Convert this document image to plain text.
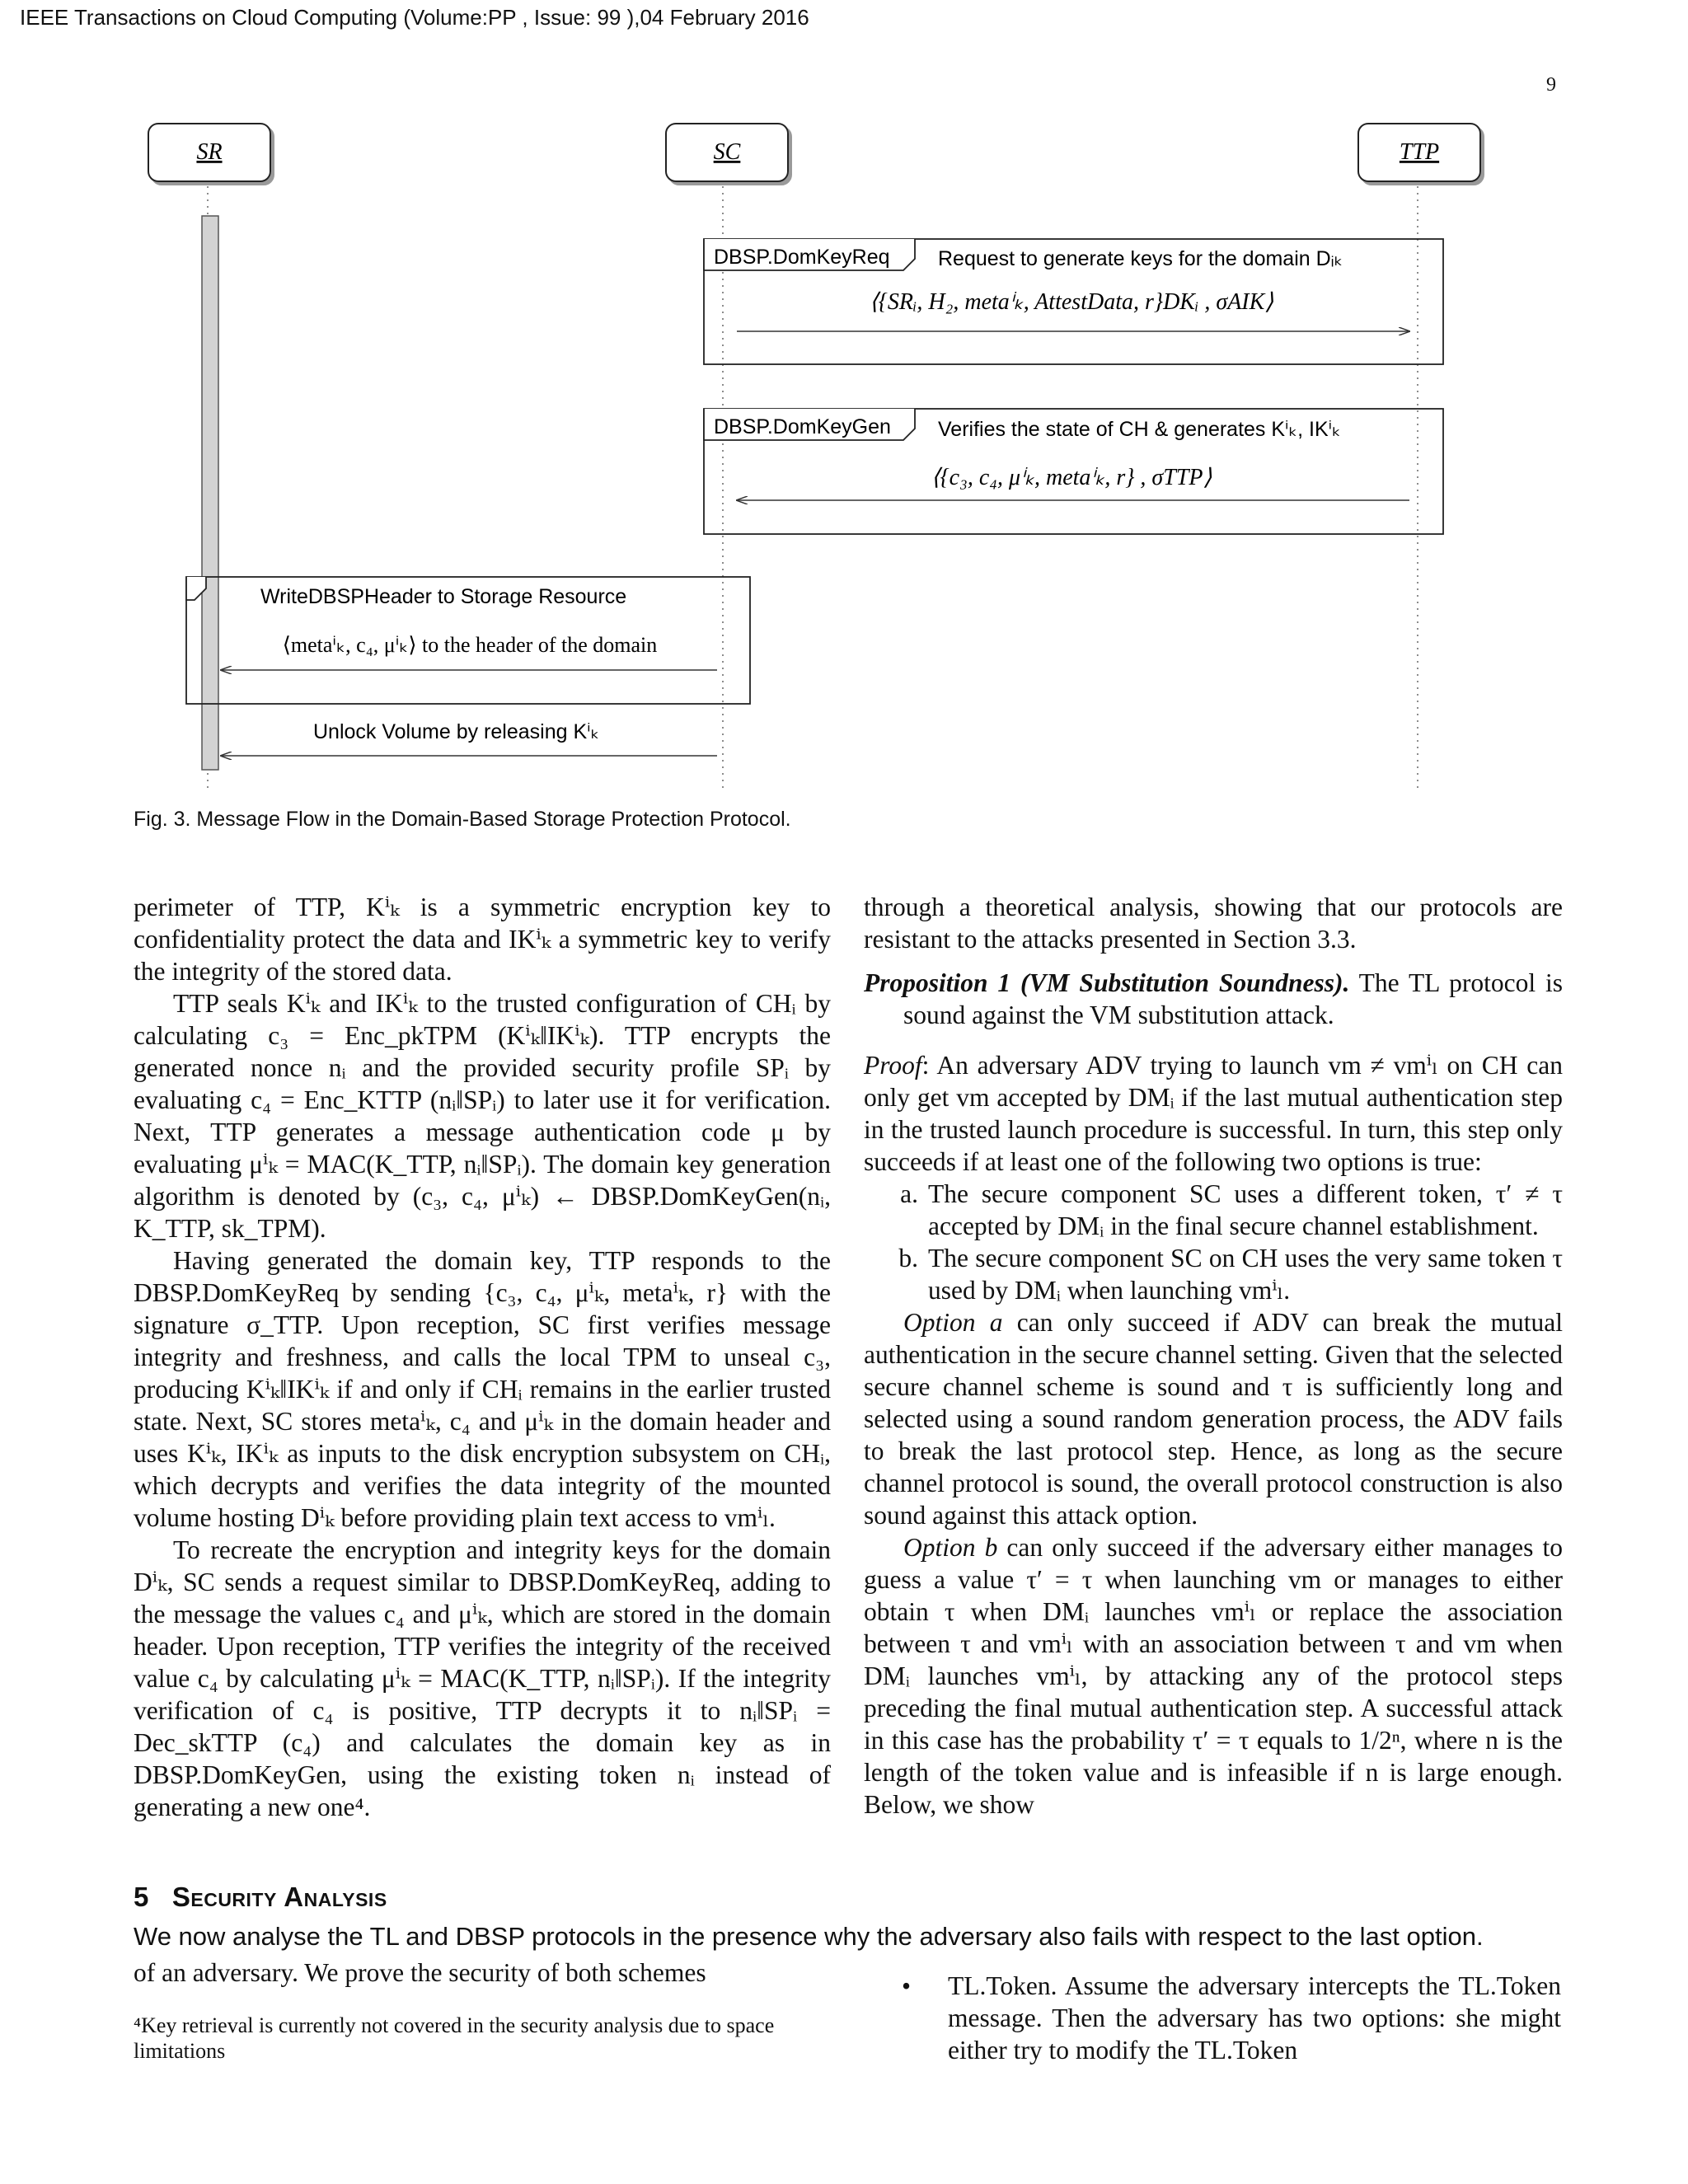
IEEE Transactions on Cloud Computing (Volume:PP , Issue: 99 ),04 February 2016
9
SR	SC	TTP
DBSP.DomKeyReq Request to generate keys for the domain Dᵢₖ
⟨{SRᵢ, H₂, metaⁱₖ, AttestData, r}DKᵢ , σAIK⟩
DBSP.DomKeyGen Verifies the state of CH & generates Kⁱₖ, IKⁱₖ
⟨{c₃, c₄, μⁱₖ, metaⁱₖ, r} , σTTP⟩
WriteDBSPHeader to Storage Resource
⟨metaⁱₖ, c₄, μⁱₖ⟩ to the header of the domain
Unlock Volume by releasing Kⁱₖ
Fig. 3. Message Flow in the Domain-Based Storage Protection Protocol.

perimeter of TTP, Kⁱₖ is a symmetric encryption key to confidentiality protect the data and IKⁱₖ a symmetric key to verify the integrity of the stored data.

TTP seals Kⁱₖ and IKⁱₖ to the trusted configuration of CHᵢ by calculating c₃ = Enc_pkTPM (Kⁱₖ‖IKⁱₖ). TTP encrypts the generated nonce nᵢ and the provided security profile SPᵢ by evaluating c₄ = Enc_KTTP (nᵢ‖SPᵢ) to later use it for verification. Next, TTP generates a message authentication code μ by evaluating μⁱₖ = MAC(K_TTP, nᵢ‖SPᵢ). The domain key generation algorithm is denoted by (c₃, c₄, μⁱₖ) ← DBSP.DomKeyGen(nᵢ, K_TTP, sk_TPM).

Having generated the domain key, TTP responds to the DBSP.DomKeyReq by sending {c₃, c₄, μⁱₖ, metaⁱₖ, r} with the signature σ_TTP. Upon reception, SC first verifies message integrity and freshness, and calls the local TPM to unseal c₃, producing Kⁱₖ‖IKⁱₖ if and only if CHᵢ remains in the earlier trusted state. Next, SC stores metaⁱₖ, c₄ and μⁱₖ in the domain header and uses Kⁱₖ, IKⁱₖ as inputs to the disk encryption subsystem on CHᵢ, which decrypts and verifies the data integrity of the mounted volume hosting Dⁱₖ before providing plain text access to vmⁱₗ.

To recreate the encryption and integrity keys for the domain Dⁱₖ, SC sends a request similar to DBSP.DomKeyReq, adding to the message the values c₄ and μⁱₖ, which are stored in the domain header. Upon reception, TTP verifies the integrity of the received value c₄ by calculating μⁱₖ = MAC(K_TTP, nᵢ‖SPᵢ). If the integrity verification of c₄ is positive, TTP decrypts it to nᵢ‖SPᵢ = Dec_skTTP (c₄) and calculates the domain key as in DBSP.DomKeyGen, using the existing token nᵢ instead of generating a new one⁴.

5 Security Analysis
We now analyse the TL and DBSP protocols in the presence why the adversary also fails with respect to the last option.
of an adversary. We prove the security of both schemes
⁴Key retrieval is currently not covered in the security analysis due to space limitations

through a theoretical analysis, showing that our protocols are resistant to the attacks presented in Section 3.3.

Proposition 1 (VM Substitution Soundness). The TL protocol is sound against the VM substitution attack.

Proof: An adversary ADV trying to launch vm ≠ vmⁱₗ on CH can only get vm accepted by DMᵢ if the last mutual authentication step in the trusted launch procedure is successful. In turn, this step only succeeds if at least one of the following two options is true:

a. The secure component SC uses a different token, τ′ ≠ τ accepted by DMᵢ in the final secure channel establishment.
b. The secure component SC on CH uses the very same token τ used by DMᵢ when launching vmⁱₗ.

Option a can only succeed if ADV can break the mutual authentication in the secure channel setting. Given that the selected secure channel scheme is sound and τ is sufficiently long and selected using a sound random generation process, the ADV fails to break the last protocol step. Hence, as long as the secure channel protocol is sound, the overall protocol construction is also sound against this attack option.

Option b can only succeed if the adversary either manages to guess a value τ′ = τ when launching vm or manages to either obtain τ when DMᵢ launches vmⁱₗ or replace the association between τ and vmⁱₗ with an association between τ and vm when DMᵢ launches vmⁱₗ, by attacking any of the protocol steps preceding the final mutual authentication step. A successful attack in this case has the probability τ′ = τ equals to 1/2ⁿ, where n is the length of the token value and is infeasible if n is large enough. Below, we show

• TL.Token. Assume the adversary intercepts the TL.Token message. Then the adversary has two options: she might either try to modify the TL.Token
